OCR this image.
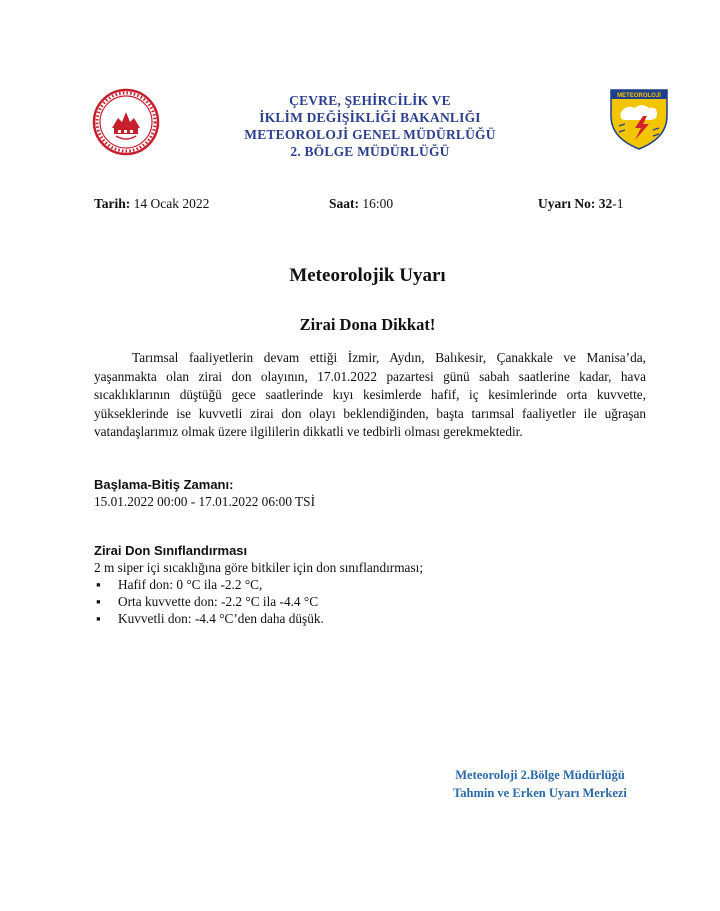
METEOROLOJİ
ÇEVRE, ŞEHİRCİLİK VE
İKLİM DEĞİŞİKLİĞİ BAKANLIĞI
METEOROLOJİ GENEL MÜDÜRLÜĞÜ
2. BÖLGE MÜDÜRLÜĞÜ
Tarih: 14 Ocak 2022	Saat: 16:00	Uyarı No: 32-1
Meteorolojik Uyarı
Zirai Dona Dikkat!
Tarımsal faaliyetlerin devam ettiği İzmir, Aydın, Balıkesir, Çanakkale ve Manisa’da, yaşanmakta olan zirai don olayının, 17.01.2022 pazartesi günü sabah saatlerine kadar, hava sıcaklıklarının düştüğü gece saatlerinde kıyı kesimlerde hafif, iç kesimlerinde orta kuvvette, yükseklerinde ise kuvvetli zirai don olayı beklendiğinden, başta tarımsal faaliyetler ile uğraşan vatandaşlarımız olmak üzere ilgililerin dikkatli ve tedbirli olması gerekmektedir.
Başlama-Bitiş Zamanı:
15.01.2022 00:00 - 17.01.2022 06:00 TSİ
Zirai Don Sınıflandırması
2 m siper içi sıcaklığına göre bitkiler için don sınıflandırması;
▪ Hafif don: 0 °C ila -2.2 °C,
▪ Orta kuvvette don: -2.2 °C ila -4.4 °C
▪ Kuvvetli don: -4.4 °C’den daha düşük.
Meteoroloji 2.Bölge Müdürlüğü
Tahmin ve Erken Uyarı Merkezi
